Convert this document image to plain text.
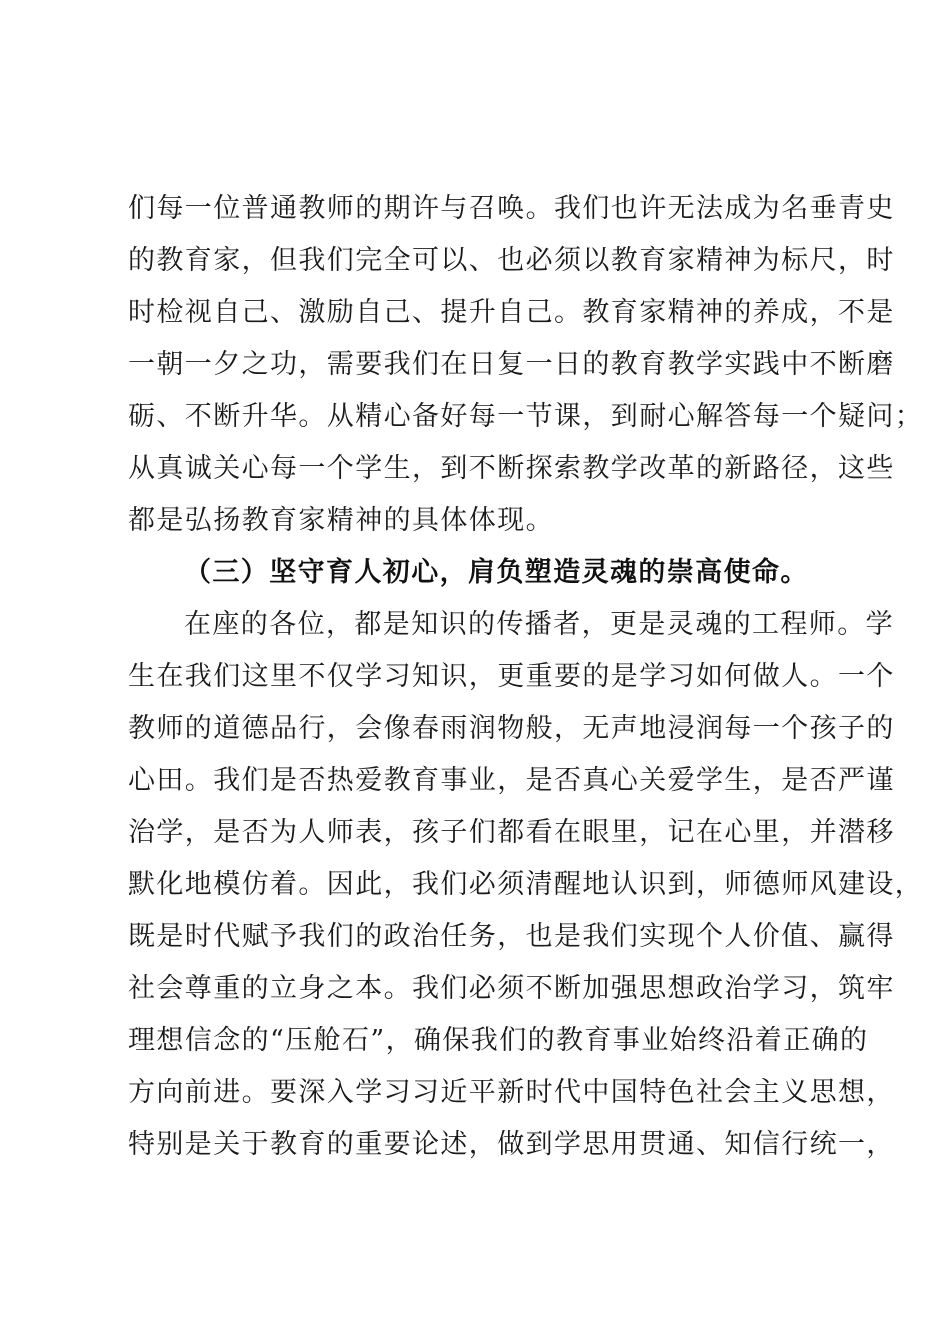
们每一位普通教师的期许与召唤。我们也许无法成为名垂青史
的教育家，但我们完全可以、也必须以教育家精神为标尺，时
时检视自己、激励自己、提升自己。教育家精神的养成，不是
一朝一夕之功，需要我们在日复一日的教育教学实践中不断磨
砺、不断升华。从精心备好每一节课，到耐心解答每一个疑问；
从真诚关心每一个学生，到不断探索教学改革的新路径，这些
都是弘扬教育家精神的具体体现。
（三）坚守育人初心，肩负塑造灵魂的崇高使命。
在座的各位，都是知识的传播者，更是灵魂的工程师。学
生在我们这里不仅学习知识，更重要的是学习如何做人。一个
教师的道德品行，会像春雨润物般，无声地浸润每一个孩子的
心田。我们是否热爱教育事业，是否真心关爱学生，是否严谨
治学，是否为人师表，孩子们都看在眼里，记在心里，并潜移
默化地模仿着。因此，我们必须清醒地认识到，师德师风建设，
既是时代赋予我们的政治任务，也是我们实现个人价值、赢得
社会尊重的立身之本。我们必须不断加强思想政治学习，筑牢
理想信念的“压舱石”，确保我们的教育事业始终沿着正确的
方向前进。要深入学习习近平新时代中国特色社会主义思想，
特别是关于教育的重要论述，做到学思用贯通、知信行统一，
